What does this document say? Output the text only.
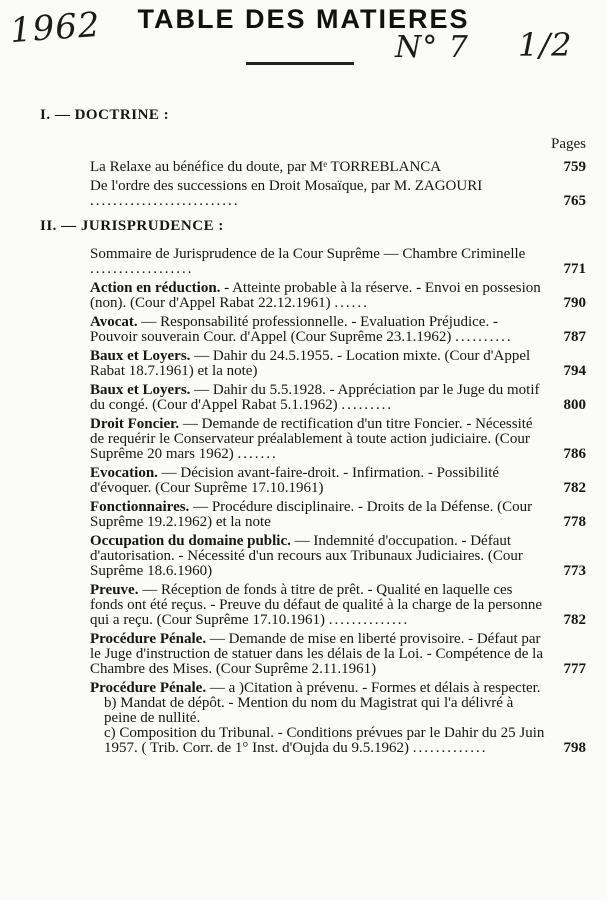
1962	TABLE DES MATIERES
N° 7 1/2
I. — DOCTRINE :
Pages
La Relaxe au bénéfice du doute, par Mᵉ TORREBLANCA	759
De l'ordre des successions en Droit Mosaïque, par M. ZAGOURI ..........................	765
II. — JURISPRUDENCE :
Sommaire de Jurisprudence de la Cour Suprême — Chambre Criminelle ..................	771
Action en réduction. - Atteinte probable à la réserve. - Envoi en possesion (non). (Cour d'Appel Rabat 22.12.1961) ......	790
Avocat. — Responsabilité professionnelle. - Evaluation Préjudice. - Pouvoir souverain Cour. d'Appel (Cour Suprême 23.1.1962) ..........	787
Baux et Loyers. — Dahir du 24.5.1955. - Location mixte. (Cour d'Appel Rabat 18.7.1961) et la note)	794
Baux et Loyers. — Dahir du 5.5.1928. - Appréciation par le Juge du motif du congé. (Cour d'Appel Rabat 5.1.1962) .........	800
Droit Foncier. — Demande de rectification d'un titre Foncier. - Nécessité de requérir le Conservateur préalablement à toute action judiciaire. (Cour Suprême 20 mars 1962) .......	786
Evocation. — Décision avant-faire-droit. - Infirmation. - Possibilité d'évoquer. (Cour Suprême 17.10.1961)	782
Fonctionnaires. — Procédure disciplinaire. - Droits de la Défense. (Cour Suprême 19.2.1962) et la note	778
Occupation du domaine public. — Indemnité d'occupation. - Défaut d'autorisation. - Nécessité d'un recours aux Tribunaux Judiciaires. (Cour Suprême 18.6.1960)	773
Preuve. — Réception de fonds à titre de prêt. - Qualité en laquelle ces fonds ont été reçus. - Preuve du défaut de qualité à la charge de la personne qui a reçu. (Cour Suprême 17.10.1961) ..............	782
Procédure Pénale. — Demande de mise en liberté provisoire. - Défaut par le Juge d'instruction de statuer dans les délais de la Loi. - Compétence de la Chambre des Mises. (Cour Suprême 2.11.1961)	777
Procédure Pénale. — a )Citation à prévenu. - Formes et délais à respecter.
b) Mandat de dépôt. - Mention du nom du Magistrat qui l'a délivré à peine de nullité.
c) Composition du Tribunal. - Conditions prévues par le Dahir du 25 Juin 1957. ( Trib. Corr. de 1° Inst. d'Oujda du 9.5.1962) .............	798
